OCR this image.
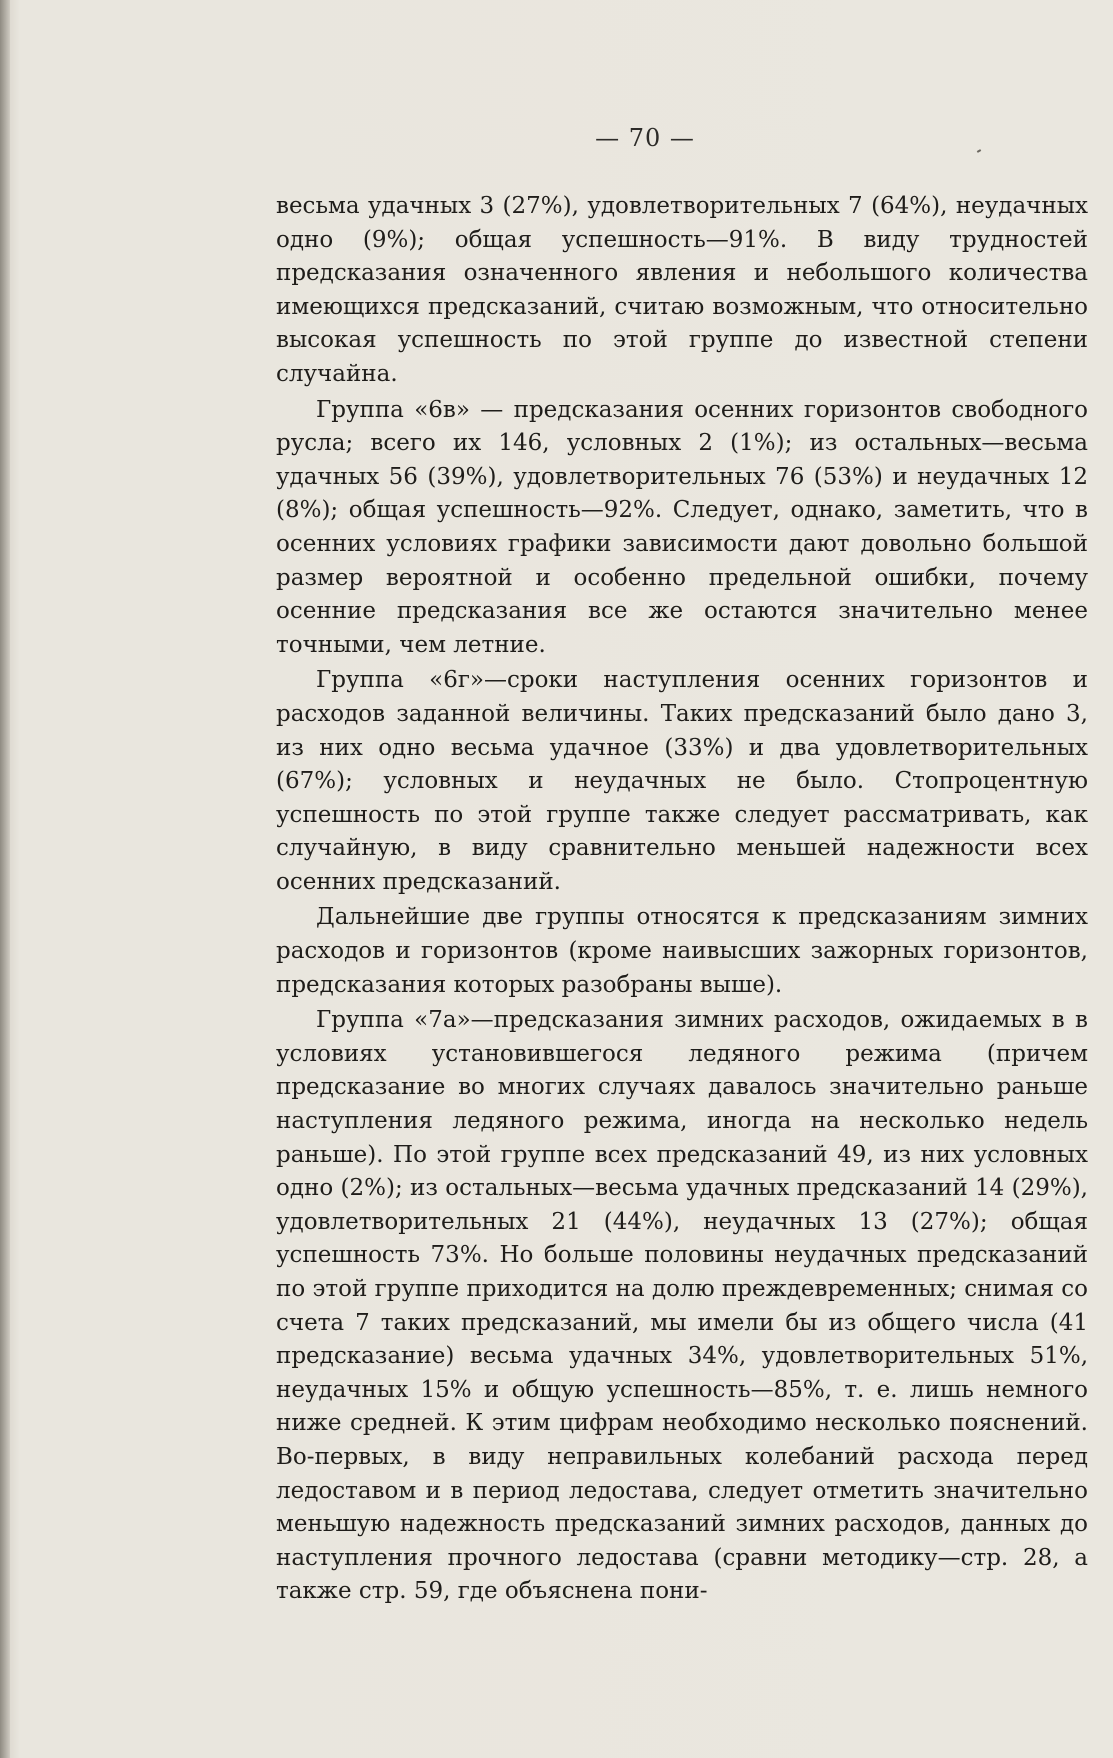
— 70 —

весьма удачных 3 (27%), удовлетворительных 7 (64%), неудачных одно (9%); общая успешность—91%. В виду трудностей предсказания означенного явления и небольшого количества имеющихся предсказаний, считаю возможным, что относительно высокая успешность по этой группе до известной степени случайна.

Группа «6в» — предсказания осенних горизонтов свободного русла; всего их 146, условных 2 (1%); из остальных—весьма удачных 56 (39%), удовлетворительных 76 (53%) и неудачных 12 (8%); общая успешность—92%. Следует, однако, заметить, что в осенних условиях графики зависимости дают довольно большой размер вероятной и особенно предельной ошибки, почему осенние предсказания все же остаются значительно менее точными, чем летние.

Группа «6г»—сроки наступления осенних горизонтов и расходов заданной величины. Таких предсказаний было дано 3, из них одно весьма удачное (33%) и два удовлетворительных (67%); условных и неудачных не было. Стопроцентную успешность по этой группе также следует рассматривать, как случайную, в виду сравнительно меньшей надежности всех осенних предсказаний.

Дальнейшие две группы относятся к предсказаниям зимних расходов и горизонтов (кроме наивысших зажорных горизонтов, предсказания которых разобраны выше).

Группа «7а»—предсказания зимних расходов, ожидаемых в в условиях установившегося ледяного режима (причем предсказание во многих случаях давалось значительно раньше наступления ледяного режима, иногда на несколько недель раньше). По этой группе всех предсказаний 49, из них условных одно (2%); из остальных—весьма удачных предсказаний 14 (29%), удовлетворительных 21 (44%), неудачных 13 (27%); общая успешность 73%. Но больше половины неудачных предсказаний по этой группе приходится на долю преждевременных; снимая со счета 7 таких предсказаний, мы имели бы из общего числа (41 предсказание) весьма удачных 34%, удовлетворительных 51%, неудачных 15% и общую успешность—85%, т. е. лишь немного ниже средней. К этим цифрам необходимо несколько пояснений. Во-первых, в виду неправильных колебаний расхода перед ледоставом и в период ледостава, следует отметить значительно меньшую надежность предсказаний зимних расходов, данных до наступления прочного ледостава (сравни методику—стр. 28, а также стр. 59, где объяснена пони-
